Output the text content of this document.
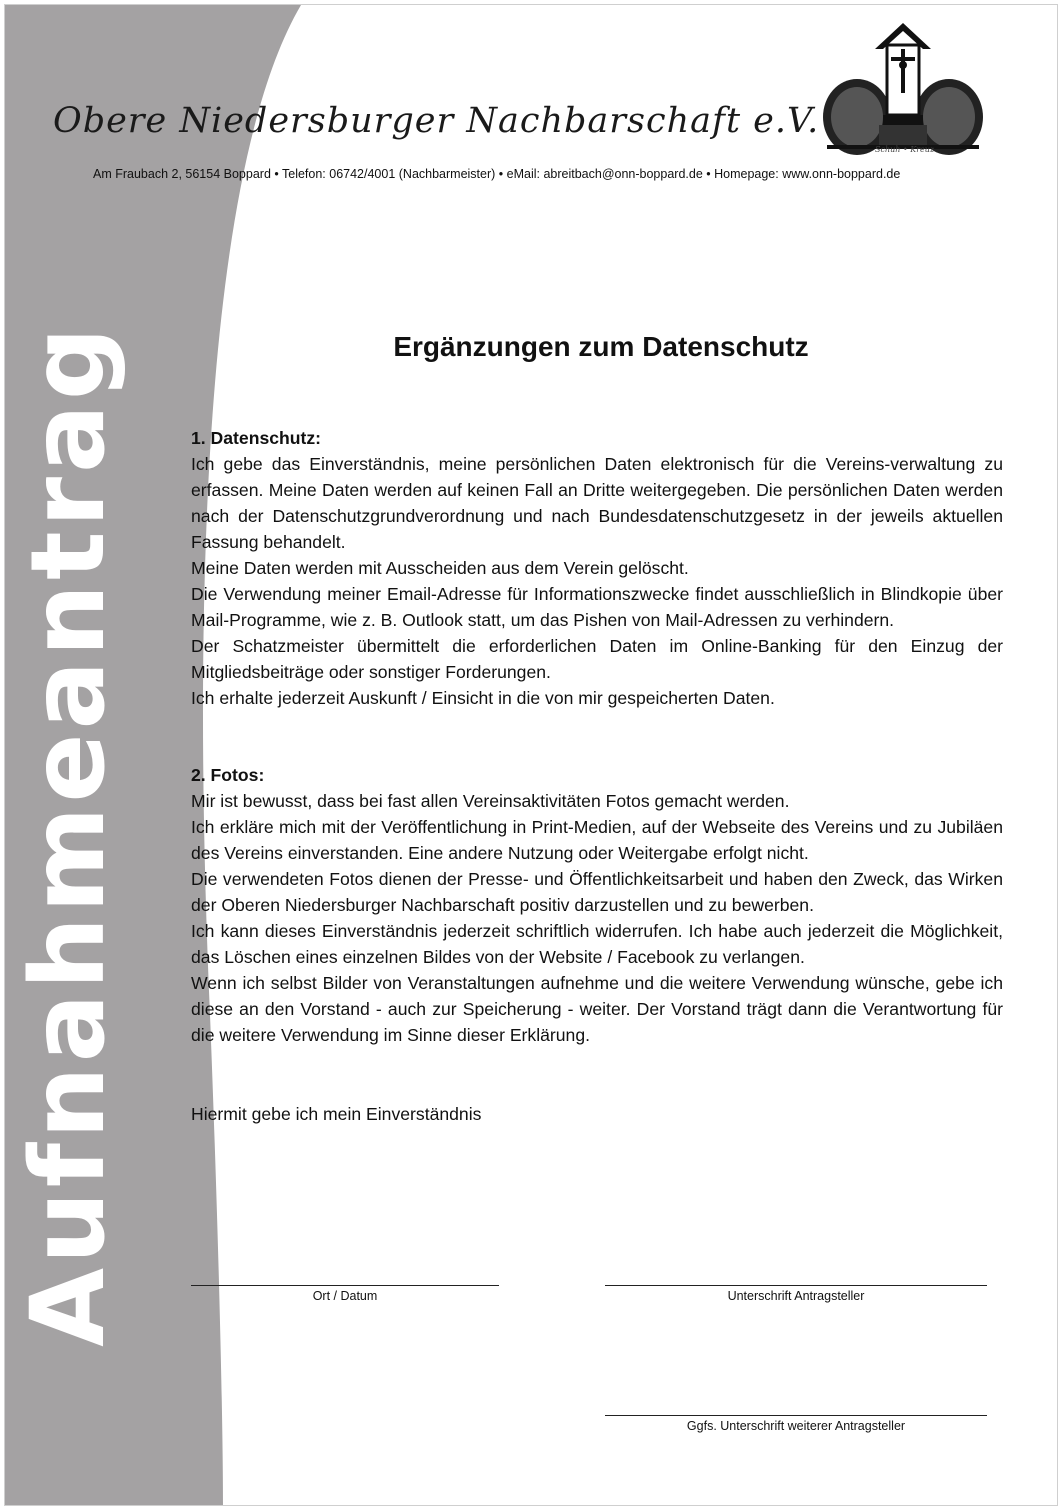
Aufnahmeantrag
Obere Niedersburger Nachbarschaft e.V.
Schuh • Kreuz
Am Fraubach 2, 56154 Boppard • Telefon: 06742/4001 (Nachbarmeister) • eMail: abreitbach@onn-boppard.de • Homepage: www.onn-boppard.de
Ergänzungen zum Datenschutz

1. Datenschutz:

Ich gebe das Einverständnis, meine persönlichen Daten elektronisch für die Vereins-verwaltung zu erfassen. Meine Daten werden auf keinen Fall an Dritte weitergegeben. Die persönlichen Daten werden nach der Datenschutzgrundverordnung und nach Bundesdatenschutzgesetz in der jeweils aktuellen Fassung behandelt.

Meine Daten werden mit Ausscheiden aus dem Verein gelöscht.

Die Verwendung meiner Email-Adresse für Informationszwecke findet ausschließlich in Blindkopie über Mail-Programme, wie z. B. Outlook statt, um das Pishen von Mail-Adressen zu verhindern.

Der Schatzmeister übermittelt die erforderlichen Daten im Online-Banking für den Einzug der Mitgliedsbeiträge oder sonstiger Forderungen.

Ich erhalte jederzeit Auskunft / Einsicht in die von mir gespeicherten Daten.

2. Fotos:

Mir ist bewusst, dass bei fast allen Vereinsaktivitäten Fotos gemacht werden.

Ich erkläre mich mit der Veröffentlichung in Print-Medien, auf der Webseite des Vereins und zu Jubiläen des Vereins einverstanden. Eine andere Nutzung oder Weitergabe erfolgt nicht.

Die verwendeten Fotos dienen der Presse- und Öffentlichkeitsarbeit und haben den Zweck, das Wirken der Oberen Niedersburger Nachbarschaft positiv darzustellen und zu bewerben.

Ich kann dieses Einverständnis jederzeit schriftlich widerrufen. Ich habe auch jederzeit die Möglichkeit, das Löschen eines einzelnen Bildes von der Website / Facebook zu verlangen.

Wenn ich selbst Bilder von Veranstaltungen aufnehme und die weitere Verwendung wünsche, gebe ich diese an den Vorstand - auch zur Speicherung - weiter. Der Vorstand trägt dann die Verantwortung für die weitere Verwendung im Sinne dieser Erklärung.

Hiermit gebe ich mein Einverständnis
Ort / Datum	Unterschrift Antragsteller
Ggfs. Unterschrift weiterer Antragsteller
